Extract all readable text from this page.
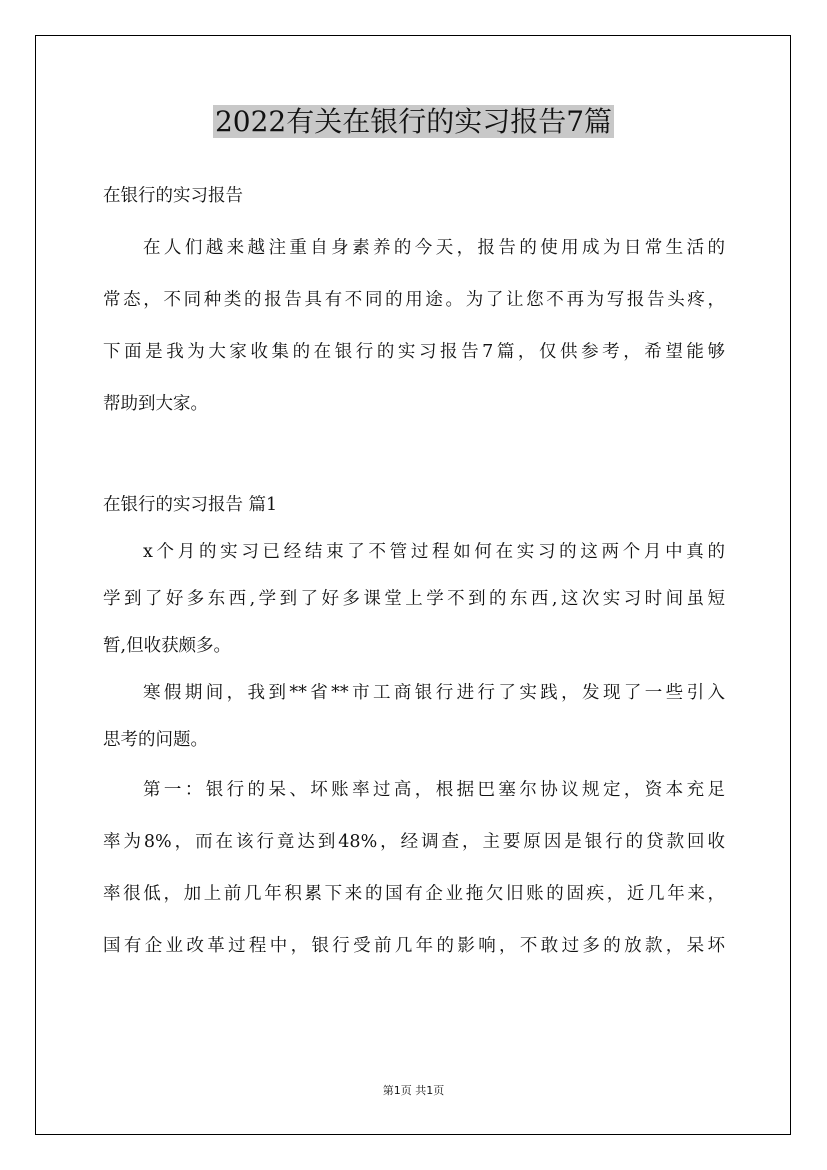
2022有关在银行的实习报告7篇
在银行的实习报告
在人们越来越注重自身素养的今天，报告的使用成为日常生活的
常态，不同种类的报告具有不同的用途。为了让您不再为写报告头疼，
下面是我为大家收集的在银行的实习报告7篇，仅供参考，希望能够
帮助到大家。
在银行的实习报告 篇1
x个月的实习已经结束了不管过程如何在实习的这两个月中真的
学到了好多东西,学到了好多课堂上学不到的东西,这次实习时间虽短
暂,但收获颇多。
寒假期间，我到**省**市工商银行进行了实践，发现了一些引入
思考的问题。
第一：银行的呆、坏账率过高，根据巴塞尔协议规定，资本充足
率为8%，而在该行竟达到48%，经调查，主要原因是银行的贷款回收
率很低，加上前几年积累下来的国有企业拖欠旧账的固疾，近几年来，
国有企业改革过程中，银行受前几年的影响，不敢过多的放款，呆坏
第1页 共1页
